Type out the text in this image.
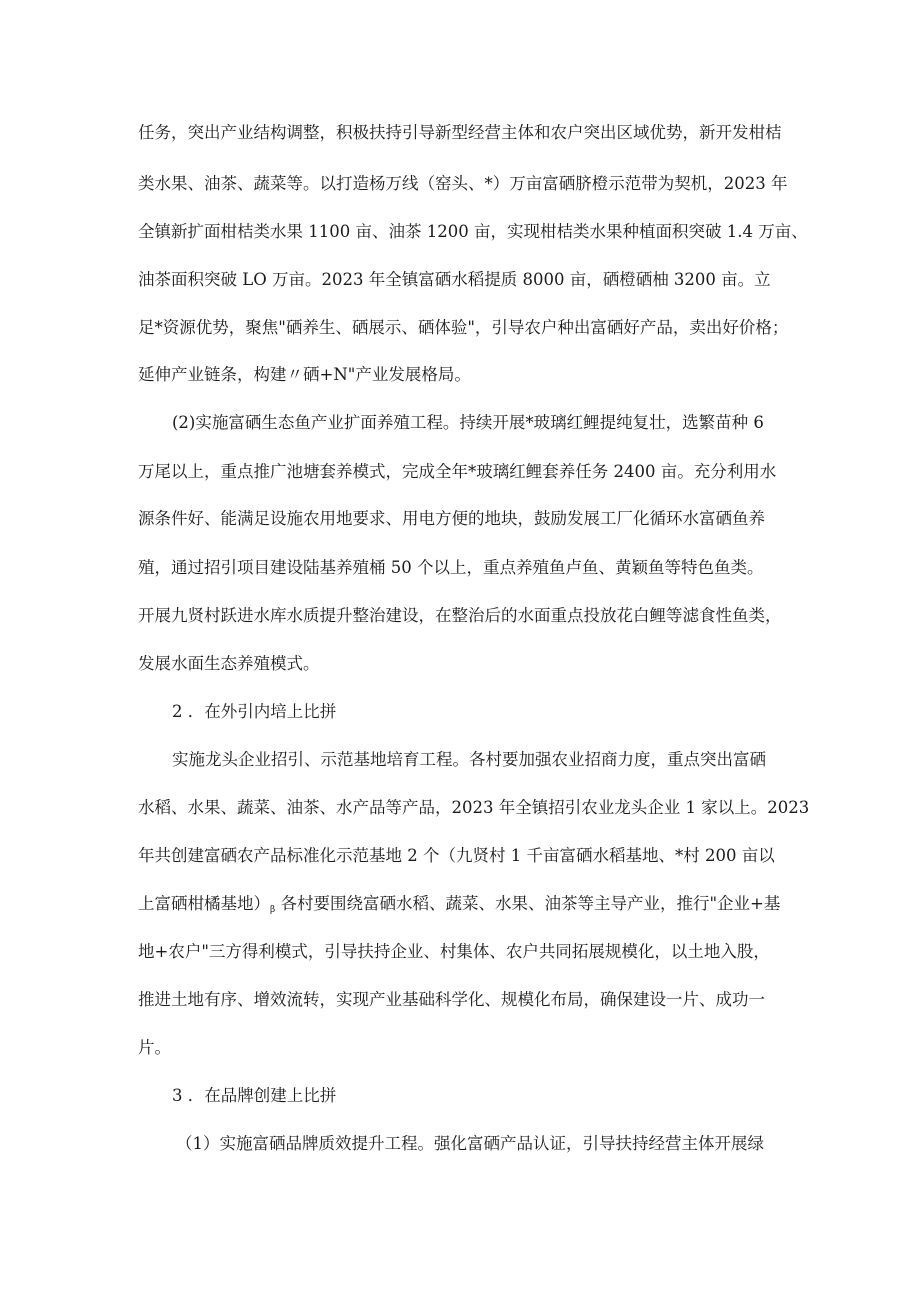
任务，突出产业结构调整，积极扶持引导新型经营主体和农户突出区域优势，新开发柑桔
类水果、油茶、蔬菜等。以打造杨万线（窑头、*）万亩富硒脐橙示范带为契机，2023 年
全镇新扩面柑桔类水果 1100 亩、油茶 1200 亩，实现柑桔类水果种植面积突破 1.4 万亩、
油茶面积突破 LO 万亩。2023 年全镇富硒水稻提质 8000 亩，硒橙硒柚 3200 亩。立
足*资源优势，聚焦"硒养生、硒展示、硒体验"，引导农户种出富硒好产品，卖出好价格；
延伸产业链条，构建〃硒+N"产业发展格局。
(2)实施富硒生态鱼产业扩面养殖工程。持续开展*玻璃红鲤提纯复壮，选繁苗种 6
万尾以上，重点推广池塘套养模式，完成全年*玻璃红鲤套养任务 2400 亩。充分利用水
源条件好、能满足设施农用地要求、用电方便的地块，鼓励发展工厂化循环水富硒鱼养
殖，通过招引项目建设陆基养殖桶 50 个以上，重点养殖鱼卢鱼、黄颖鱼等特色鱼类。
开展九贤村跃进水库水质提升整治建设，在整治后的水面重点投放花白鲤等滤食性鱼类，
发展水面生态养殖模式。
2 ．在外引内培上比拼
实施龙头企业招引、示范基地培育工程。各村要加强农业招商力度，重点突出富硒
水稻、水果、蔬菜、油茶、水产品等产品，2023 年全镇招引农业龙头企业 1 家以上。2023
年共创建富硒农产品标准化示范基地 2 个（九贤村 1 千亩富硒水稻基地、*村 200 亩以
上富硒柑橘基地）$_\beta$ 各村要围绕富硒水稻、蔬菜、水果、油茶等主导产业，推行"企业+基
地+农户"三方得利模式，引导扶持企业、村集体、农户共同拓展规模化，以土地入股，
推进土地有序、增效流转，实现产业基础科学化、规模化布局，确保建设一片、成功一
片。
3 ．在品牌创建上比拼
（1）实施富硒品牌质效提升工程。强化富硒产品认证，引导扶持经营主体开展绿
